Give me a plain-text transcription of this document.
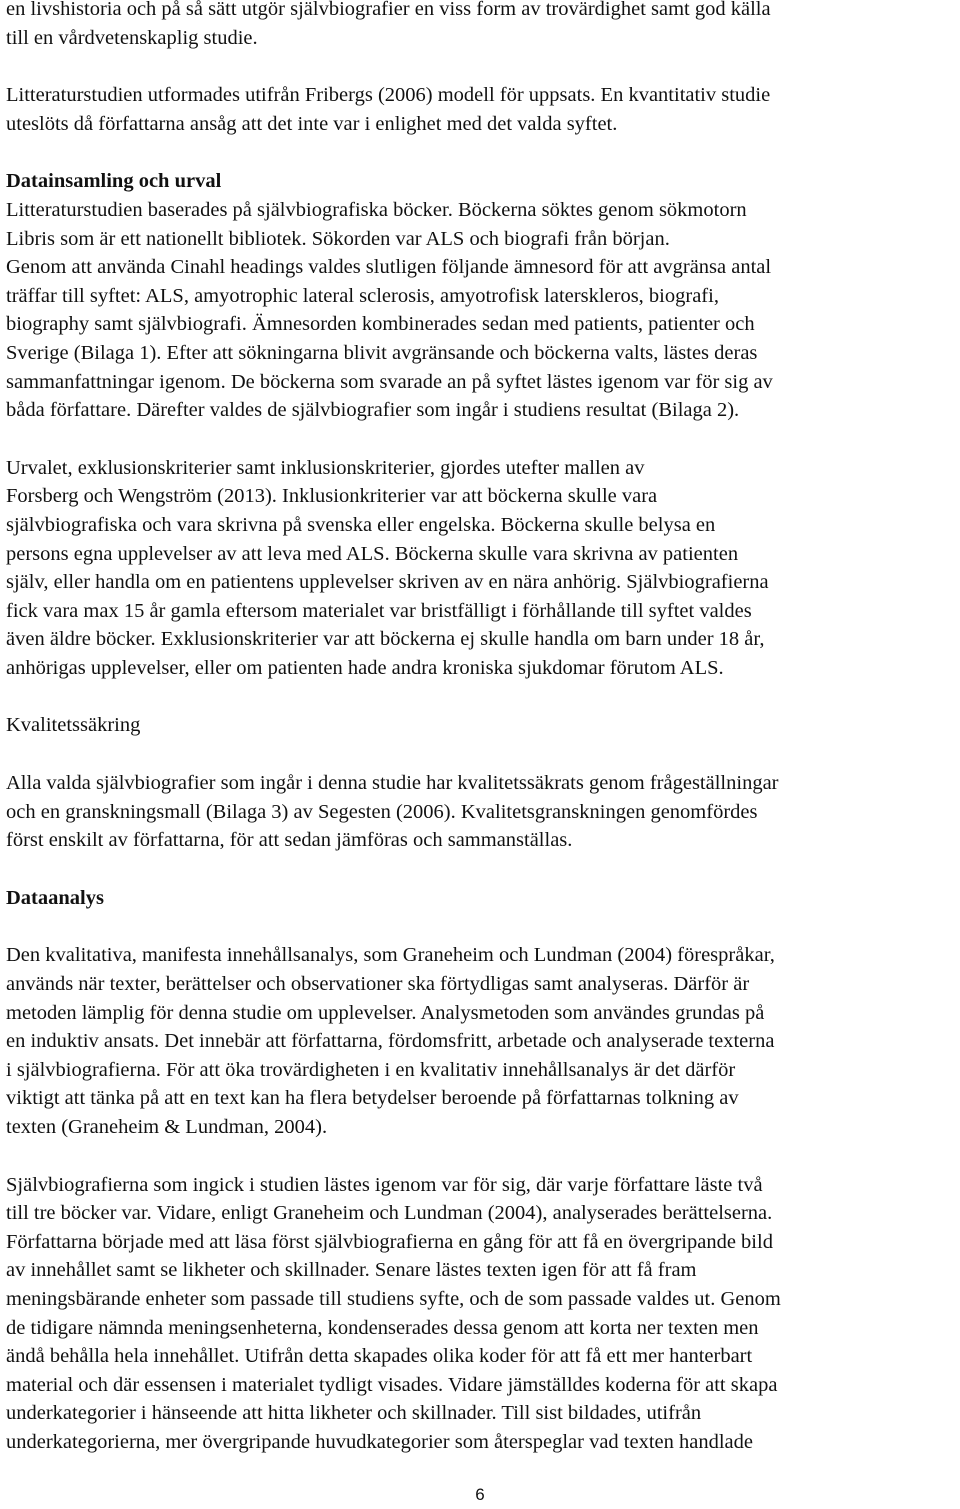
en livshistoria och på så sätt utgör självbiografier en viss form av trovärdighet samt god källa
till en vårdvetenskaplig studie.

Litteraturstudien utformades utifrån Fribergs (2006) modell för uppsats. En kvantitativ studie
uteslöts då författarna ansåg att det inte var i enlighet med det valda syftet.

Datainsamling och urval

Litteraturstudien baserades på självbiografiska böcker. Böckerna söktes genom sökmotorn
Libris som är ett nationellt bibliotek. Sökorden var ALS och biografi från början.
Genom att använda Cinahl headings valdes slutligen följande ämnesord för att avgränsa antal
träffar till syftet: ALS, amyotrophic lateral sclerosis, amyotrofisk laterskleros, biografi,
biography samt självbiografi. Ämnesorden kombinerades sedan med patients, patienter och
Sverige (Bilaga 1). Efter att sökningarna blivit avgränsande och böckerna valts, lästes deras
sammanfattningar igenom. De böckerna som svarade an på syftet lästes igenom var för sig av
båda författare. Därefter valdes de självbiografier som ingår i studiens resultat (Bilaga 2).

Urvalet, exklusionskriterier samt inklusionskriterier, gjordes utefter mallen av
Forsberg och Wengström (2013). Inklusionkriterier var att böckerna skulle vara
självbiografiska och vara skrivna på svenska eller engelska. Böckerna skulle belysa en
persons egna upplevelser av att leva med ALS. Böckerna skulle vara skrivna av patienten
själv, eller handla om en patientens upplevelser skriven av en nära anhörig. Självbiografierna
fick vara max 15 år gamla eftersom materialet var bristfälligt i förhållande till syftet valdes
även äldre böcker. Exklusionskriterier var att böckerna ej skulle handla om barn under 18 år,
anhörigas upplevelser, eller om patienten hade andra kroniska sjukdomar förutom ALS.

Kvalitetssäkring

Alla valda självbiografier som ingår i denna studie har kvalitetssäkrats genom frågeställningar
och en granskningsmall (Bilaga 3) av Segesten (2006). Kvalitetsgranskningen genomfördes
först enskilt av författarna, för att sedan jämföras och sammanställas.

Dataanalys

Den kvalitativa, manifesta innehållsanalys, som Graneheim och Lundman (2004) förespråkar,
används när texter, berättelser och observationer ska förtydligas samt analyseras. Därför är
metoden lämplig för denna studie om upplevelser. Analysmetoden som användes grundas på
en induktiv ansats. Det innebär att författarna, fördomsfritt, arbetade och analyserade texterna
i självbiografierna. För att öka trovärdigheten i en kvalitativ innehållsanalys är det därför
viktigt att tänka på att en text kan ha flera betydelser beroende på författarnas tolkning av
texten (Graneheim & Lundman, 2004).

Självbiografierna som ingick i studien lästes igenom var för sig, där varje författare läste två
till tre böcker var. Vidare, enligt Graneheim och Lundman (2004), analyserades berättelserna.
Författarna började med att läsa först självbiografierna en gång för att få en övergripande bild
av innehållet samt se likheter och skillnader. Senare lästes texten igen för att få fram
meningsbärande enheter som passade till studiens syfte, och de som passade valdes ut. Genom
de tidigare nämnda meningsenheterna, kondenserades dessa genom att korta ner texten men
ändå behålla hela innehållet. Utifrån detta skapades olika koder för att få ett mer hanterbart
material och där essensen i materialet tydligt visades. Vidare jämställdes koderna för att skapa
underkategorier i hänseende att hitta likheter och skillnader. Till sist bildades, utifrån
underkategorierna, mer övergripande huvudkategorier som återspeglar vad texten handlade

6
